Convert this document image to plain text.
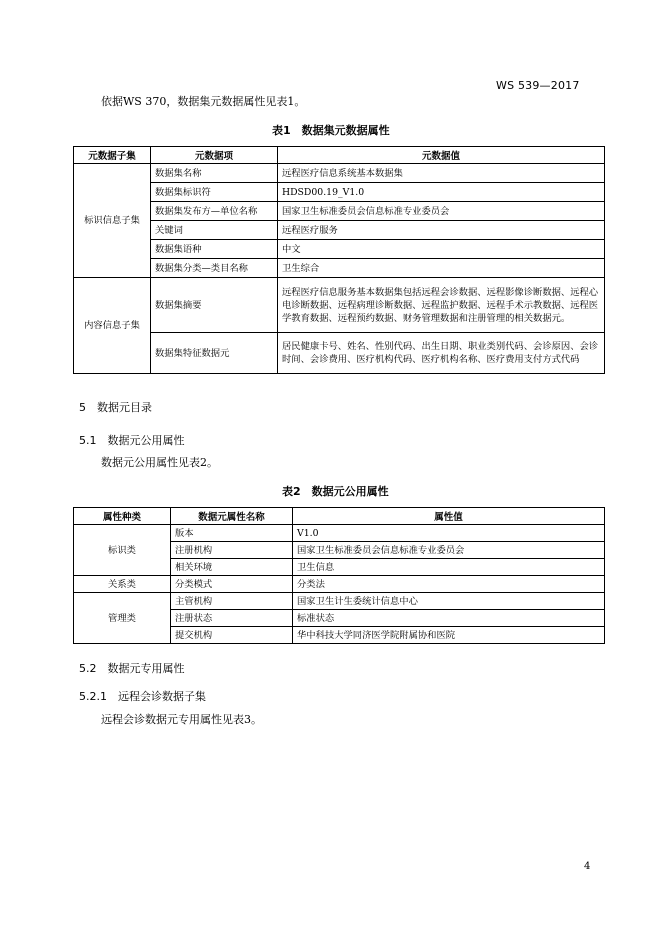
WS 539—2017
依据WS 370，数据集元数据属性见表1。
表1　数据集元数据属性
元数据子集	元数据项	元数据值
标识信息子集	数据集名称	远程医疗信息系统基本数据集
	数据集标识符	HDSD00.19_V1.0
	数据集发布方—单位名称	国家卫生标准委员会信息标准专业委员会
	关键词	远程医疗服务
	数据集语种	中文
	数据集分类—类目名称	卫生综合
内容信息子集	数据集摘要	远程医疗信息服务基本数据集包括远程会诊数据、远程影像诊断数据、远程心电诊断数据、远程病理诊断数据、远程监护数据、远程手术示教数据、远程医学教育数据、远程预约数据、财务管理数据和注册管理的相关数据元。
	数据集特征数据元	居民健康卡号、姓名、性别代码、出生日期、职业类别代码、会诊原因、会诊时间、会诊费用、医疗机构代码、医疗机构名称、医疗费用支付方式代码
5　数据元目录
5.1　数据元公用属性
数据元公用属性见表2。
表2　数据元公用属性
属性种类	数据元属性名称	属性值
标识类	版本	V1.0
	注册机构	国家卫生标准委员会信息标准专业委员会
	相关环境	卫生信息
关系类	分类模式	分类法
管理类	主管机构	国家卫生计生委统计信息中心
	注册状态	标准状态
	提交机构	华中科技大学同济医学院附属协和医院
5.2　数据元专用属性
5.2.1　远程会诊数据子集
远程会诊数据元专用属性见表3。
4
